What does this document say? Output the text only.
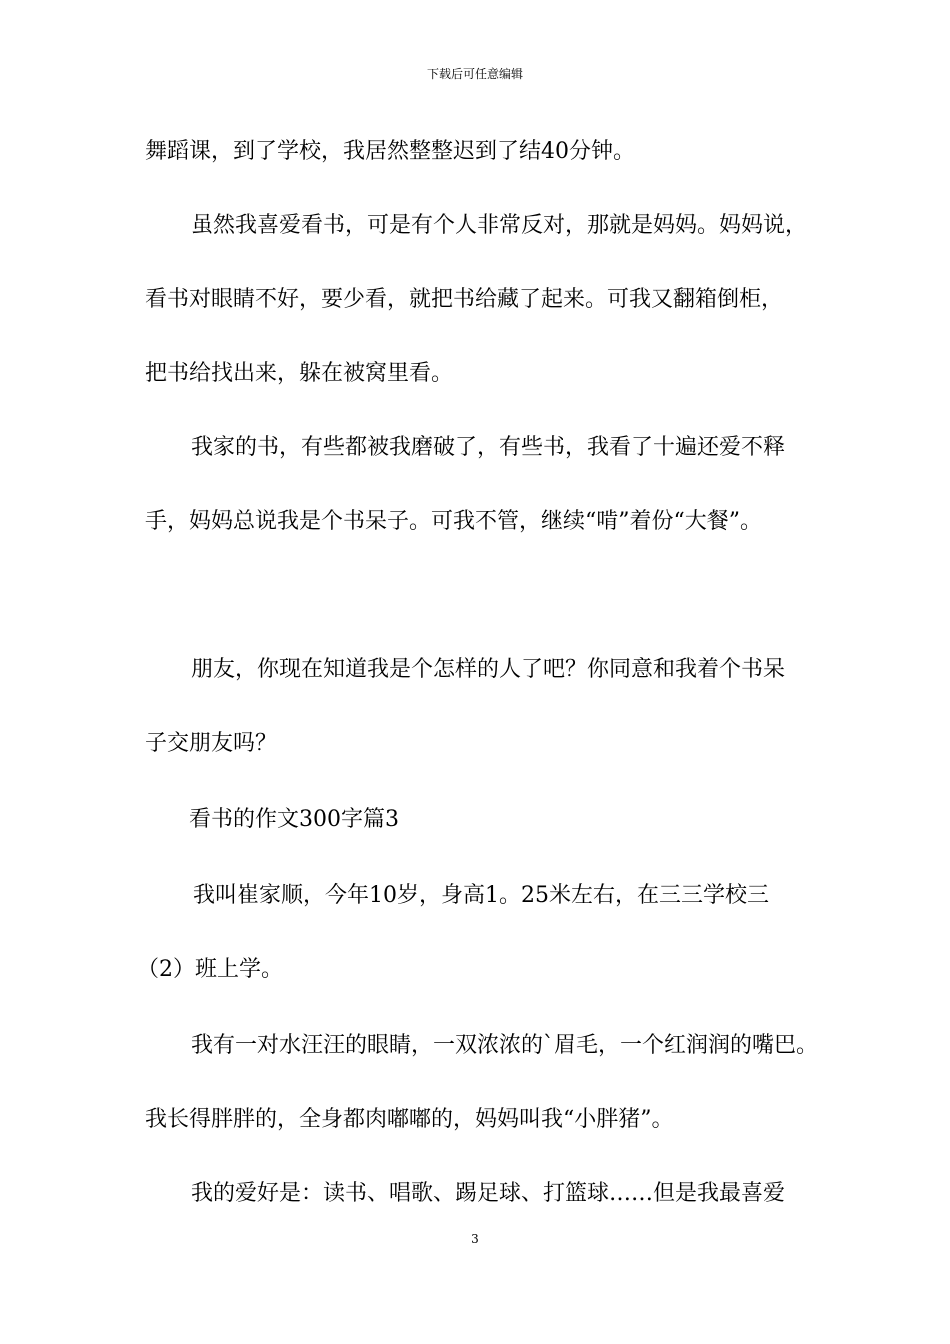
下载后可任意编辑
舞蹈课，到了学校，我居然整整迟到了结40分钟。
虽然我喜爱看书，可是有个人非常反对，那就是妈妈。妈妈说，
看书对眼睛不好，要少看，就把书给藏了起来。可我又翻箱倒柜，
把书给找出来，躲在被窝里看。
我家的书，有些都被我磨破了，有些书，我看了十遍还爱不释
手，妈妈总说我是个书呆子。可我不管，继续“啃”着份“大餐”。
朋友，你现在知道我是个怎样的人了吧？你同意和我着个书呆
子交朋友吗？
看书的作文300字篇3
我叫崔家顺，今年10岁，身高1。25米左右，在三三学校三
（2）班上学。
我有一对水汪汪的眼睛，一双浓浓的`眉毛，一个红润润的嘴巴。
我长得胖胖的，全身都肉嘟嘟的，妈妈叫我“小胖猪”。
我的爱好是：读书、唱歌、踢足球、打篮球……但是我最喜爱
3
